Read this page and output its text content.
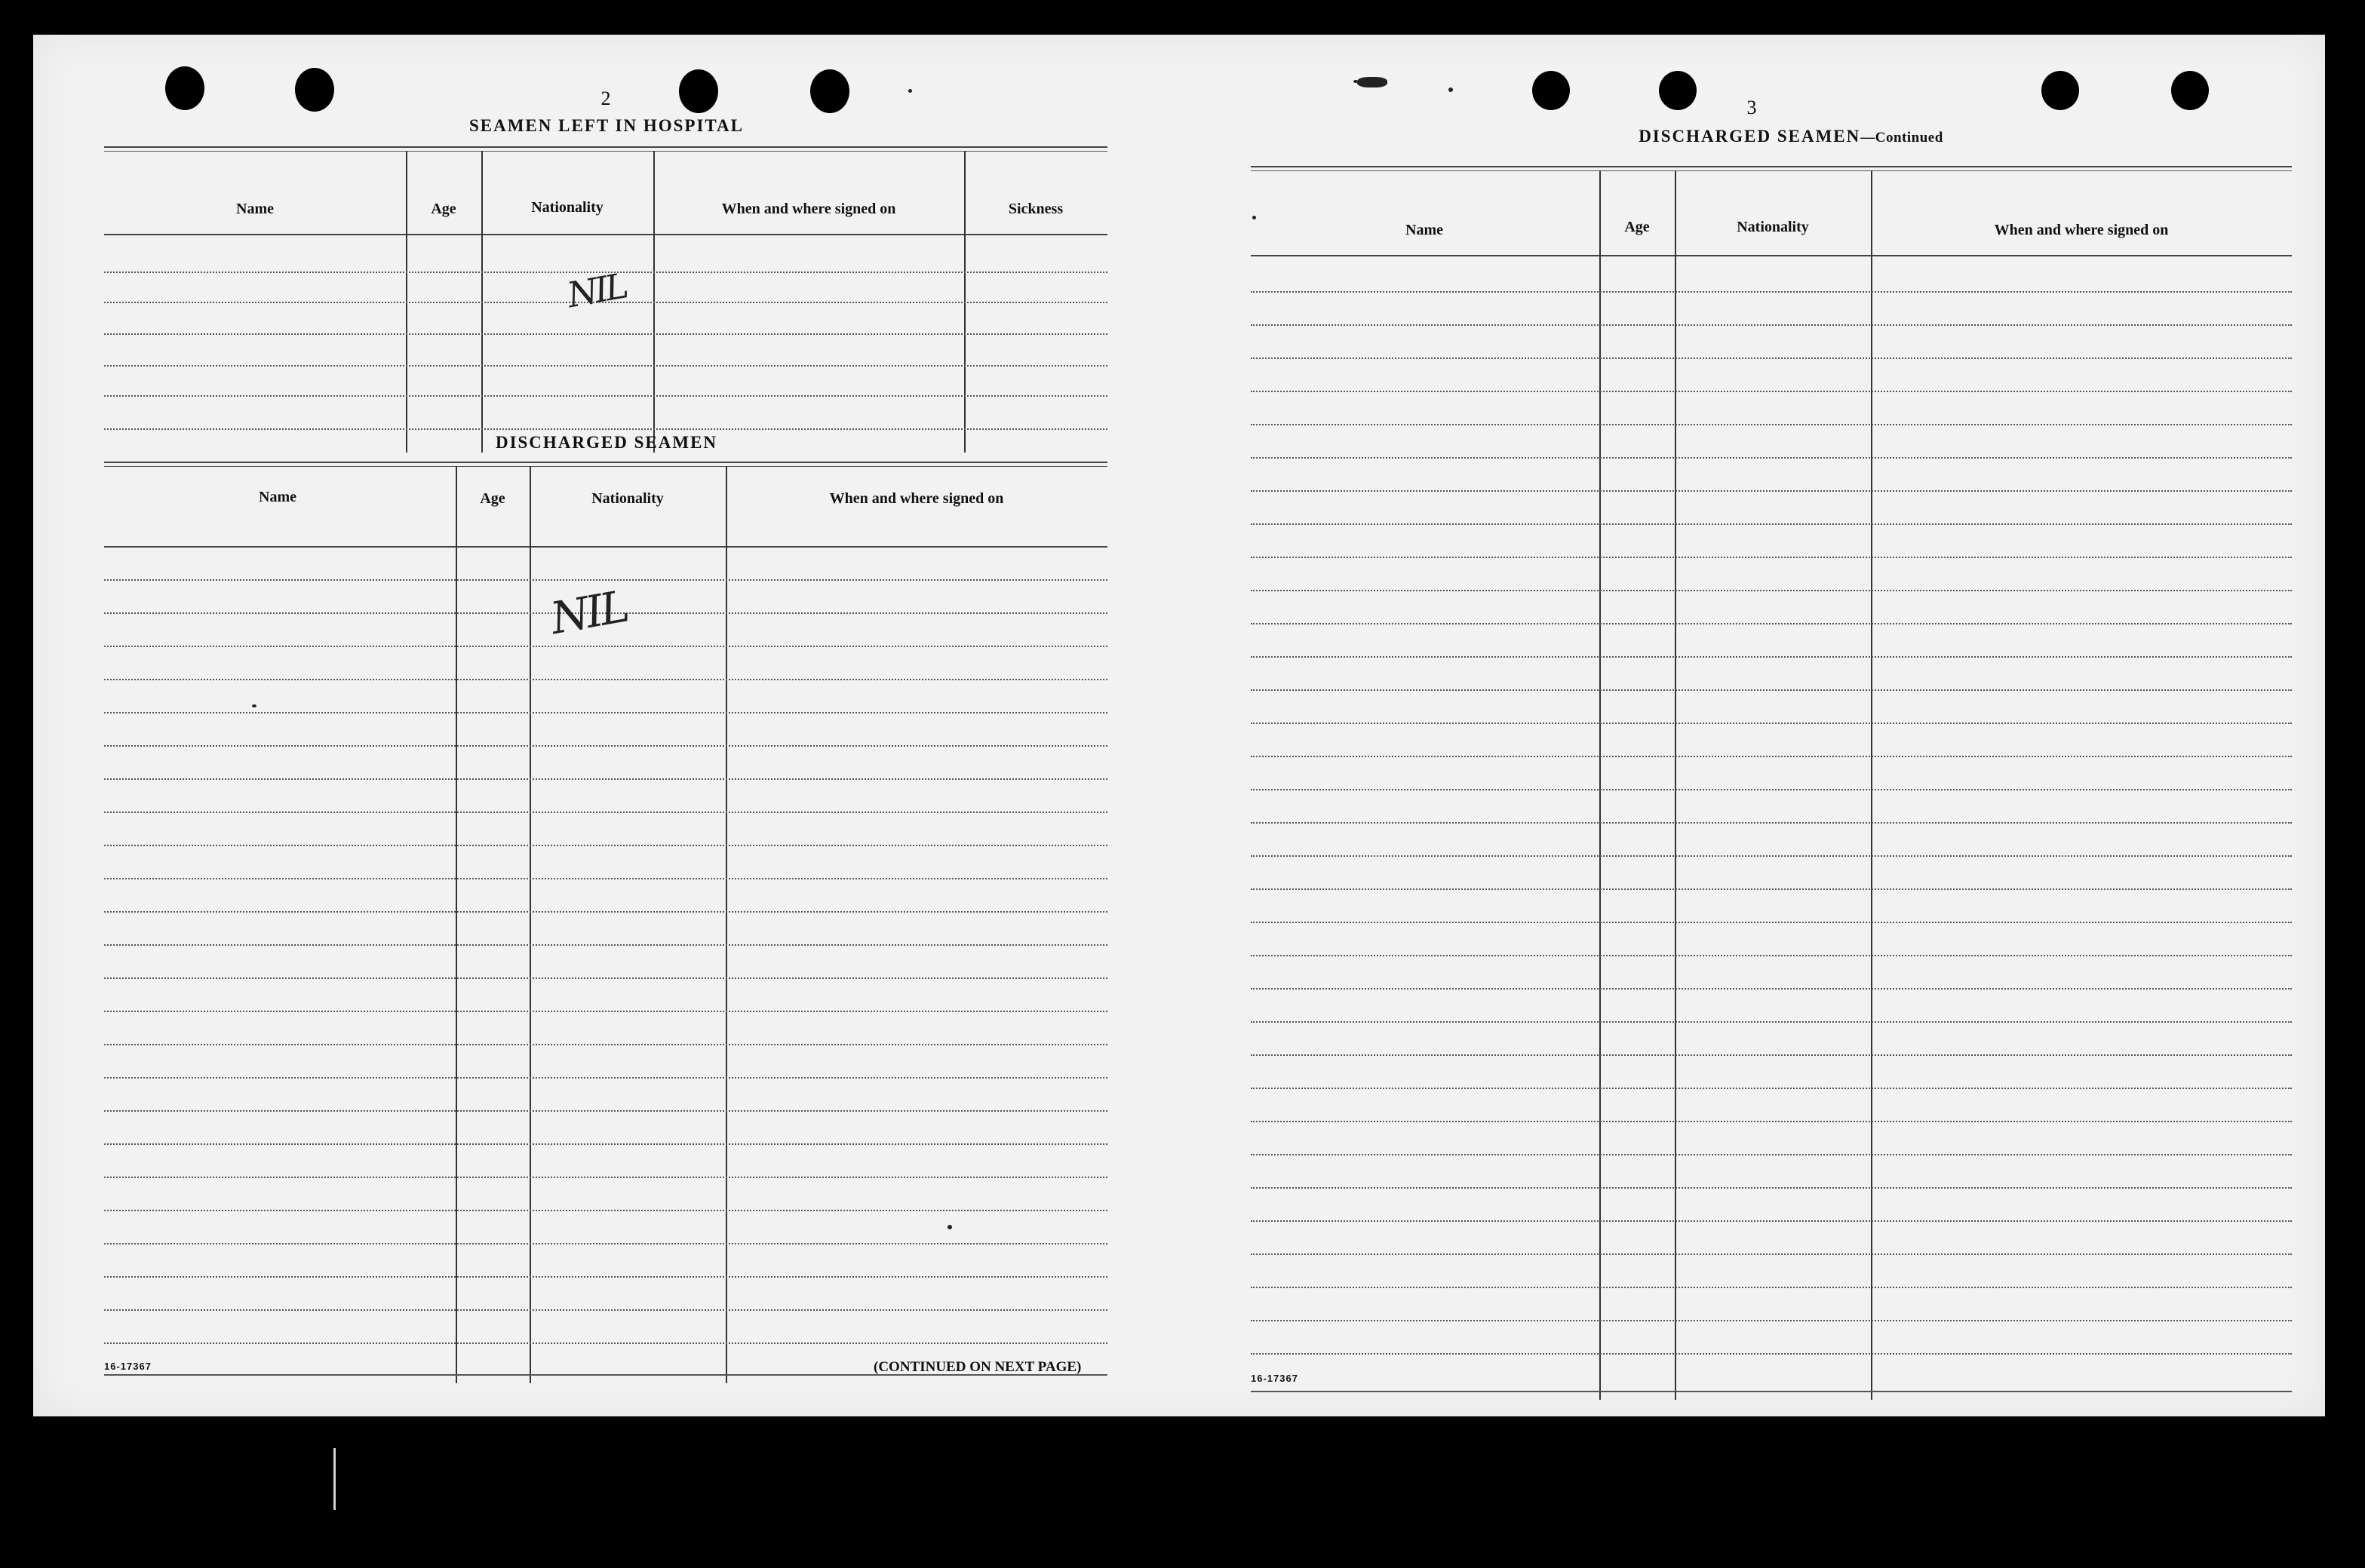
2
SEAMEN LEFT IN HOSPITAL
Name	Age	Nationality	When and where signed on	Sickness
NIL
DISCHARGED SEAMEN
Name	Age	Nationality	When and where signed on
NIL
16-17367	(CONTINUED ON NEXT PAGE)
3
DISCHARGED SEAMEN—Continued
Name	Age	Nationality	When and where signed on
16-17367
